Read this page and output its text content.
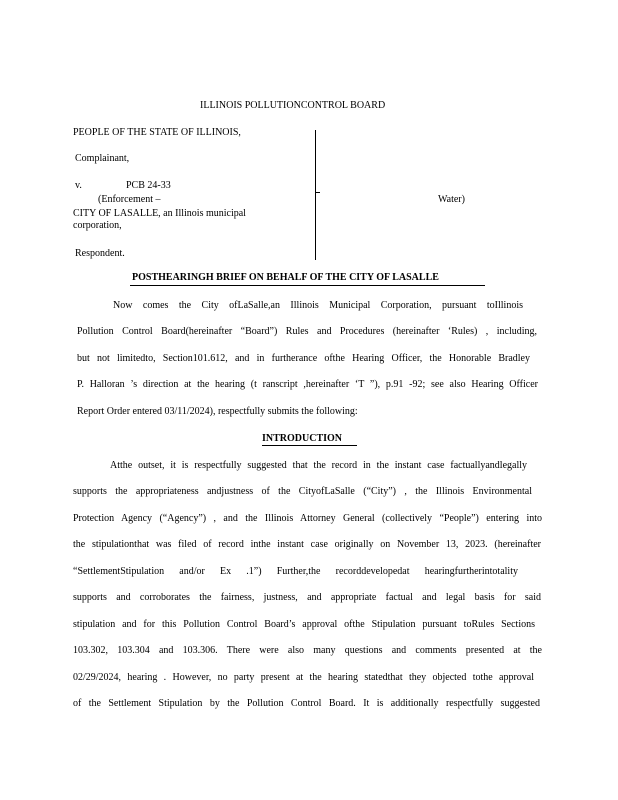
ILLINOIS POLLUTIONCONTROL BOARD
PEOPLE OF THE STATE OF ILLINOIS,
Complainant,
v.	PCB 24-33
(Enforcement –	Water)
CITY OF LASALLE, an Illinois municipal
corporation,
Respondent.
POSTHEARINGH BRIEF ON BEHALF OF THE CITY OF LASALLE
Now comes the City ofLaSalle,an Illinois Municipal Corporation, pursuant toIllinois
Pollution Control Board(hereinafter “Board”) Rules and Procedures (hereinafter ‘Rules) , including,
but not limitedto, Section101.612, and in furtherance ofthe Hearing Officer, the Honorable Bradley
P. Halloran ’s direction at the hearing (t ranscript ,hereinafter ‘T ”), p.91 -92; see also Hearing Officer
Report Order entered 03/11/2024), respectfully submits the following:
INTRODUCTION
Atthe outset, it is respectfully suggested that the record in the instant case factuallyandlegally
supports the appropriateness andjustness of the CityofLaSalle (“City”) , the Illinois Environmental
Protection Agency (“Agency”) , and the Illinois Attorney General (collectively “People”) entering into
the stipulationthat was filed of record inthe instant case originally on November 13, 2023. (hereinafter
“SettlementStipulation and/or Ex .1”) Further,the recorddevelopedat hearingfurtherintotality
supports and corroborates the fairness, justness, and appropriate factual and legal basis for said
stipulation and for this Pollution Control Board’s approval ofthe Stipulation pursuant toRules Sections
103.302, 103.304 and 103.306. There were also many questions and comments presented at the
02/29/2024, hearing . However, no party present at the hearing statedthat they objected tothe approval
of the Settlement Stipulation by the Pollution Control Board. It is additionally respectfully suggested
